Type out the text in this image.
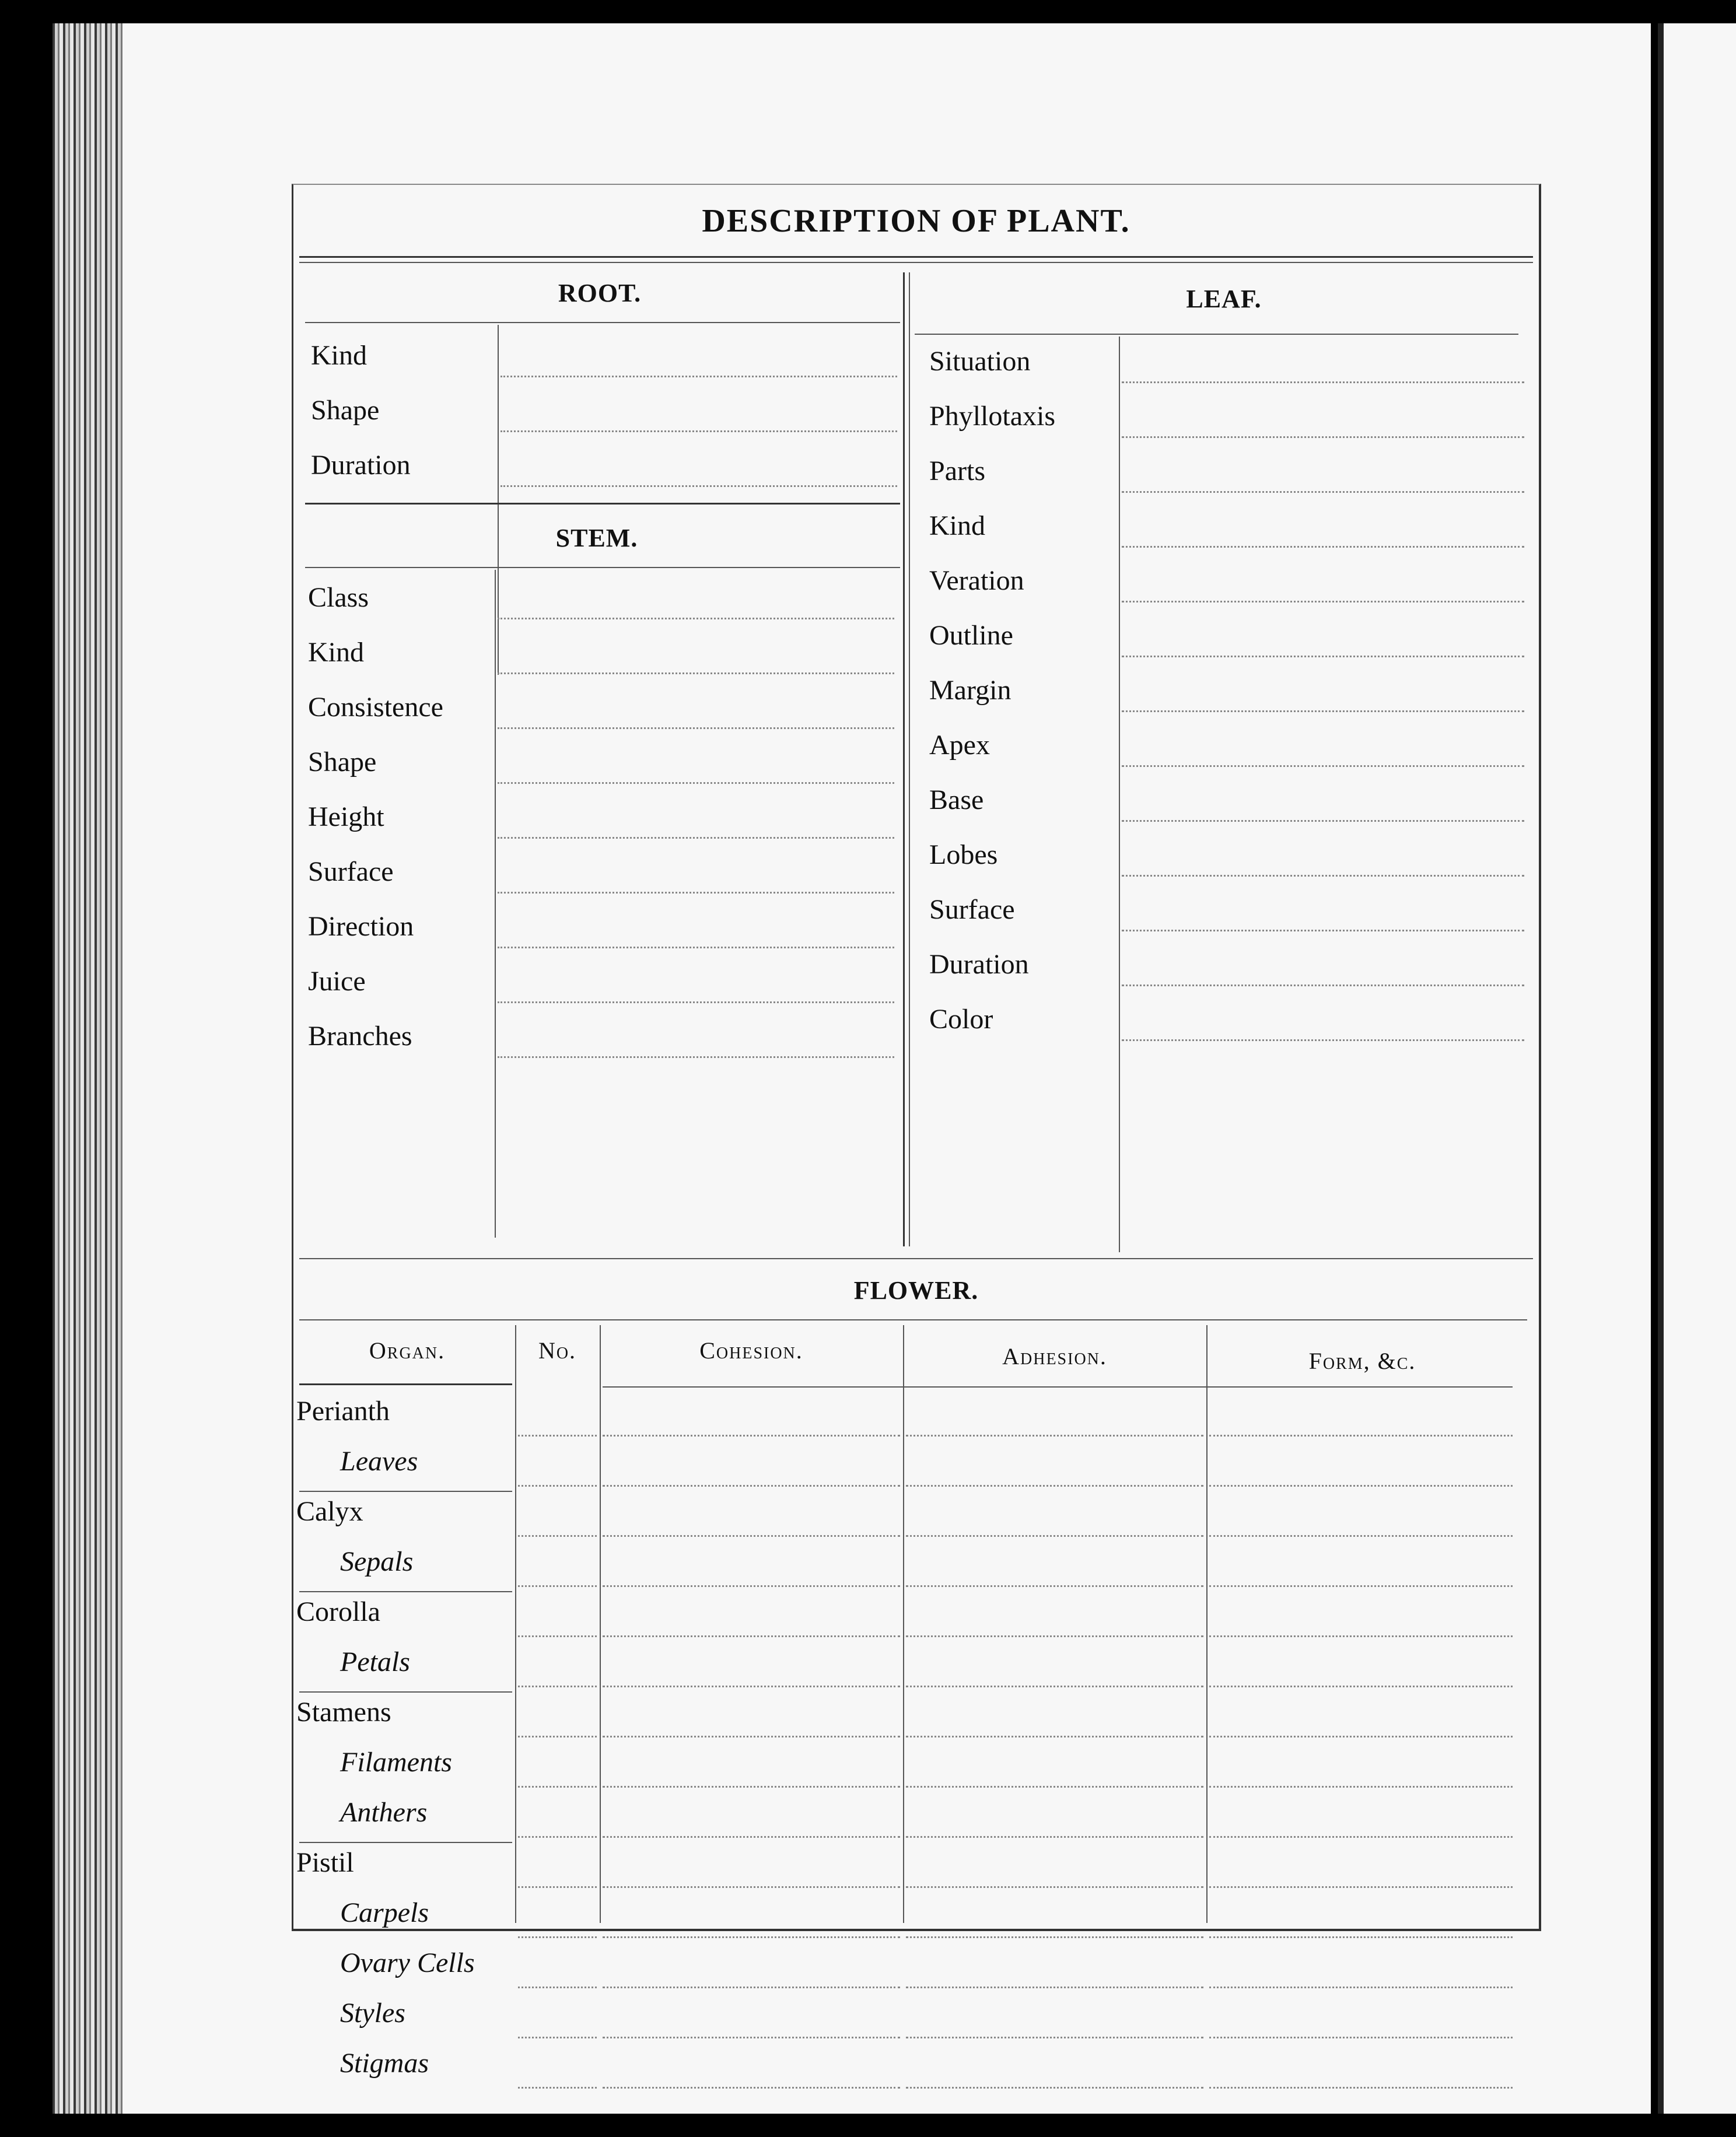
DESCRIPTION OF PLANT.
ROOT.
Kind
Shape
Duration
STEM.
Class
Kind
Consistence
Shape
Height
Surface
Direction
Juice
Branches
LEAF.
Situation
Phyllotaxis
Parts
Kind
Veration
Outline
Margin
Apex
Base
Lobes
Surface
Duration
Color
FLOWER.
Organ.	No.	Cohesion.	Adhesion.	Form, &c.
Perianth
Leaves
Calyx
Sepals
Corolla
Petals
Stamens
Filaments
Anthers
Pistil
Carpels
Ovary Cells
Styles
Stigmas
